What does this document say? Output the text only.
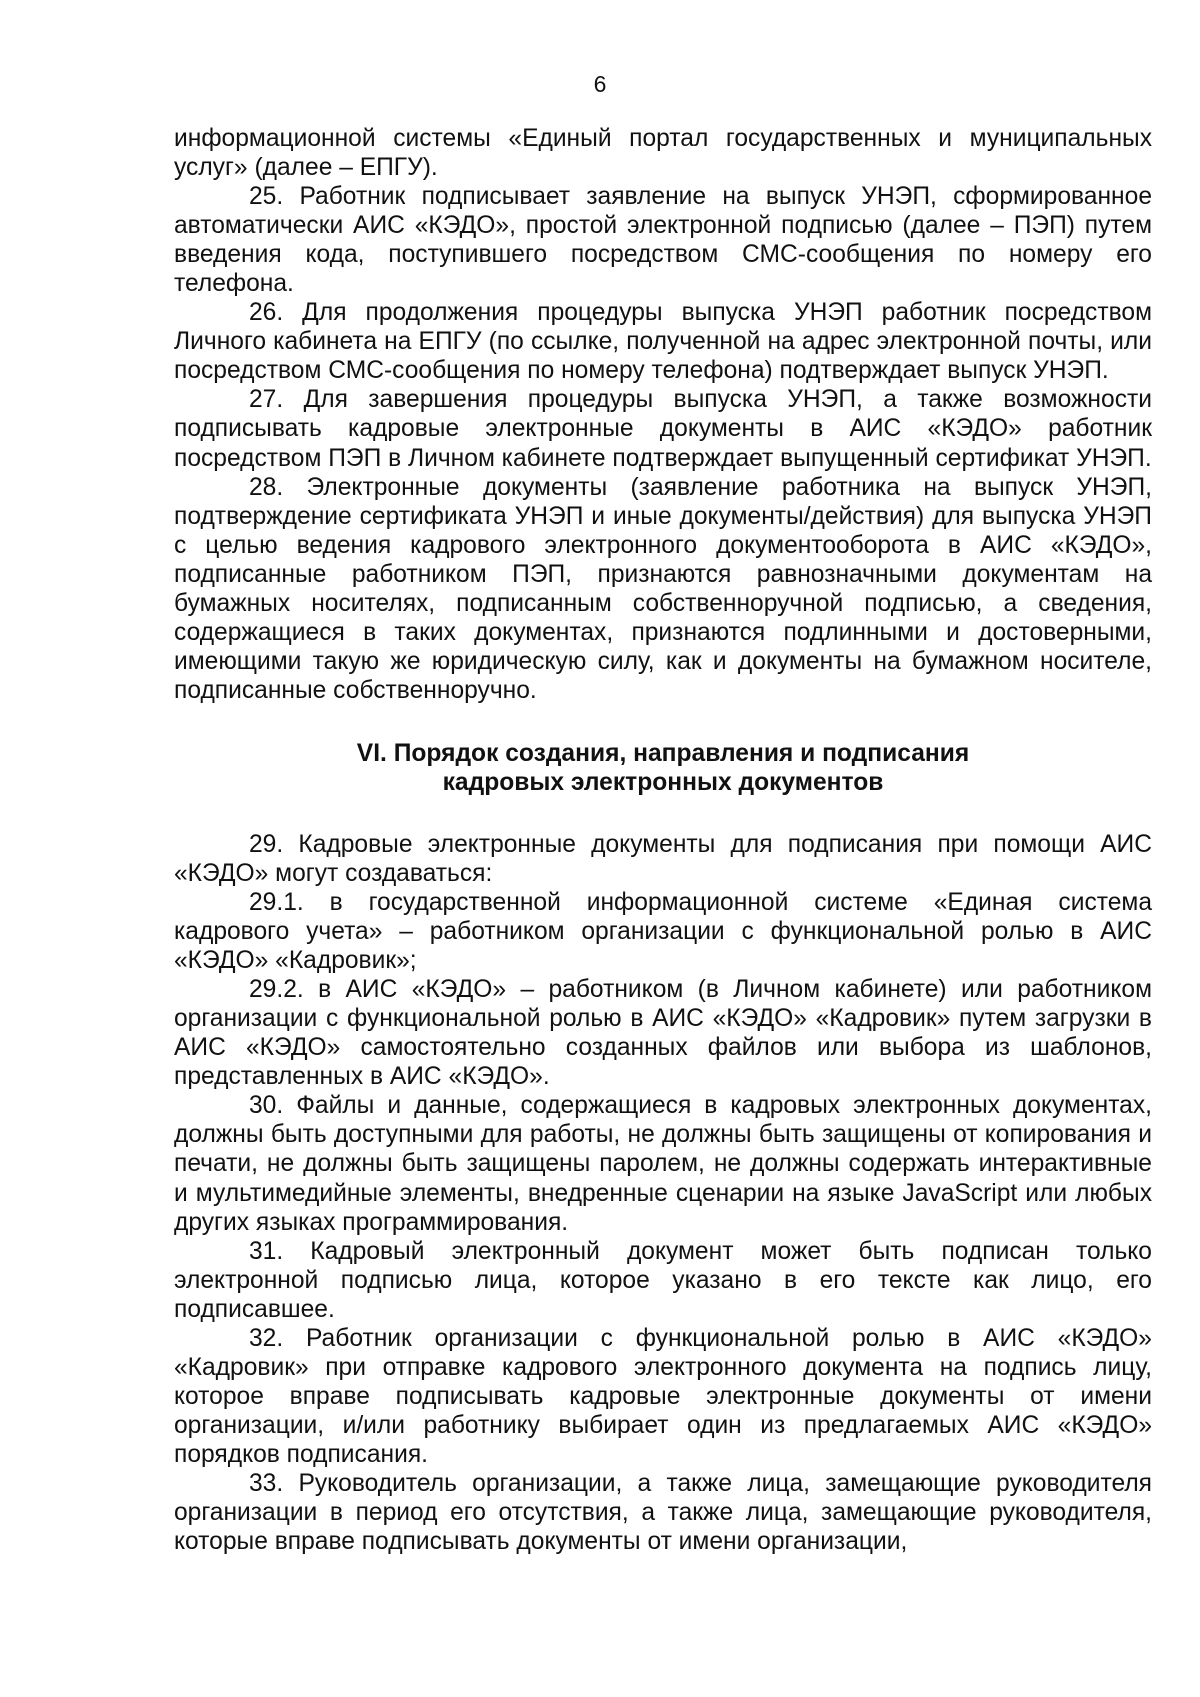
6

информационной системы «Единый портал государственных и муниципальных услуг» (далее – ЕПГУ).

25. Работник подписывает заявление на выпуск УНЭП, сформированное автоматически АИС «КЭДО», простой электронной подписью (далее – ПЭП) путем введения кода, поступившего посредством СМС-сообщения по номеру его телефона.

26. Для продолжения процедуры выпуска УНЭП работник посредством Личного кабинета на ЕПГУ (по ссылке, полученной на адрес электронной почты, или посредством СМС-сообщения по номеру телефона) подтверждает выпуск УНЭП.

27. Для завершения процедуры выпуска УНЭП, а также возможности подписывать кадровые электронные документы в АИС «КЭДО» работник посредством ПЭП в Личном кабинете подтверждает выпущенный сертификат УНЭП.

28. Электронные документы (заявление работника на выпуск УНЭП, подтверждение сертификата УНЭП и иные документы/действия) для выпуска УНЭП с целью ведения кадрового электронного документооборота в АИС «КЭДО», подписанные работником ПЭП, признаются равнозначными документам на бумажных носителях, подписанным собственноручной подписью, а сведения, содержащиеся в таких документах, признаются подлинными и достоверными, имеющими такую же юридическую силу, как и документы на бумажном носителе, подписанные собственноручно.

VI. Порядок создания, направления и подписания
кадровых электронных документов

29. Кадровые электронные документы для подписания при помощи АИС «КЭДО» могут создаваться:

29.1. в государственной информационной системе «Единая система кадрового учета» – работником организации с функциональной ролью в АИС «КЭДО» «Кадровик»;

29.2. в АИС «КЭДО» – работником (в Личном кабинете) или работником организации с функциональной ролью в АИС «КЭДО» «Кадровик» путем загрузки в АИС «КЭДО» самостоятельно созданных файлов или выбора из шаблонов, представленных в АИС «КЭДО».

30. Файлы и данные, содержащиеся в кадровых электронных документах, должны быть доступными для работы, не должны быть защищены от копирования и печати, не должны быть защищены паролем, не должны содержать интерактивные и мультимедийные элементы, внедренные сценарии на языке JavaScript или любых других языках программирования.

31. Кадровый электронный документ может быть подписан только электронной подписью лица, которое указано в его тексте как лицо, его подписавшее.

32. Работник организации с функциональной ролью в АИС «КЭДО» «Кадровик» при отправке кадрового электронного документа на подпись лицу, которое вправе подписывать кадровые электронные документы от имени организации, и/или работнику выбирает один из предлагаемых АИС «КЭДО» порядков подписания.

33. Руководитель организации, а также лица, замещающие руководителя организации в период его отсутствия, а также лица, замещающие руководителя, которые вправе подписывать документы от имени организации,
